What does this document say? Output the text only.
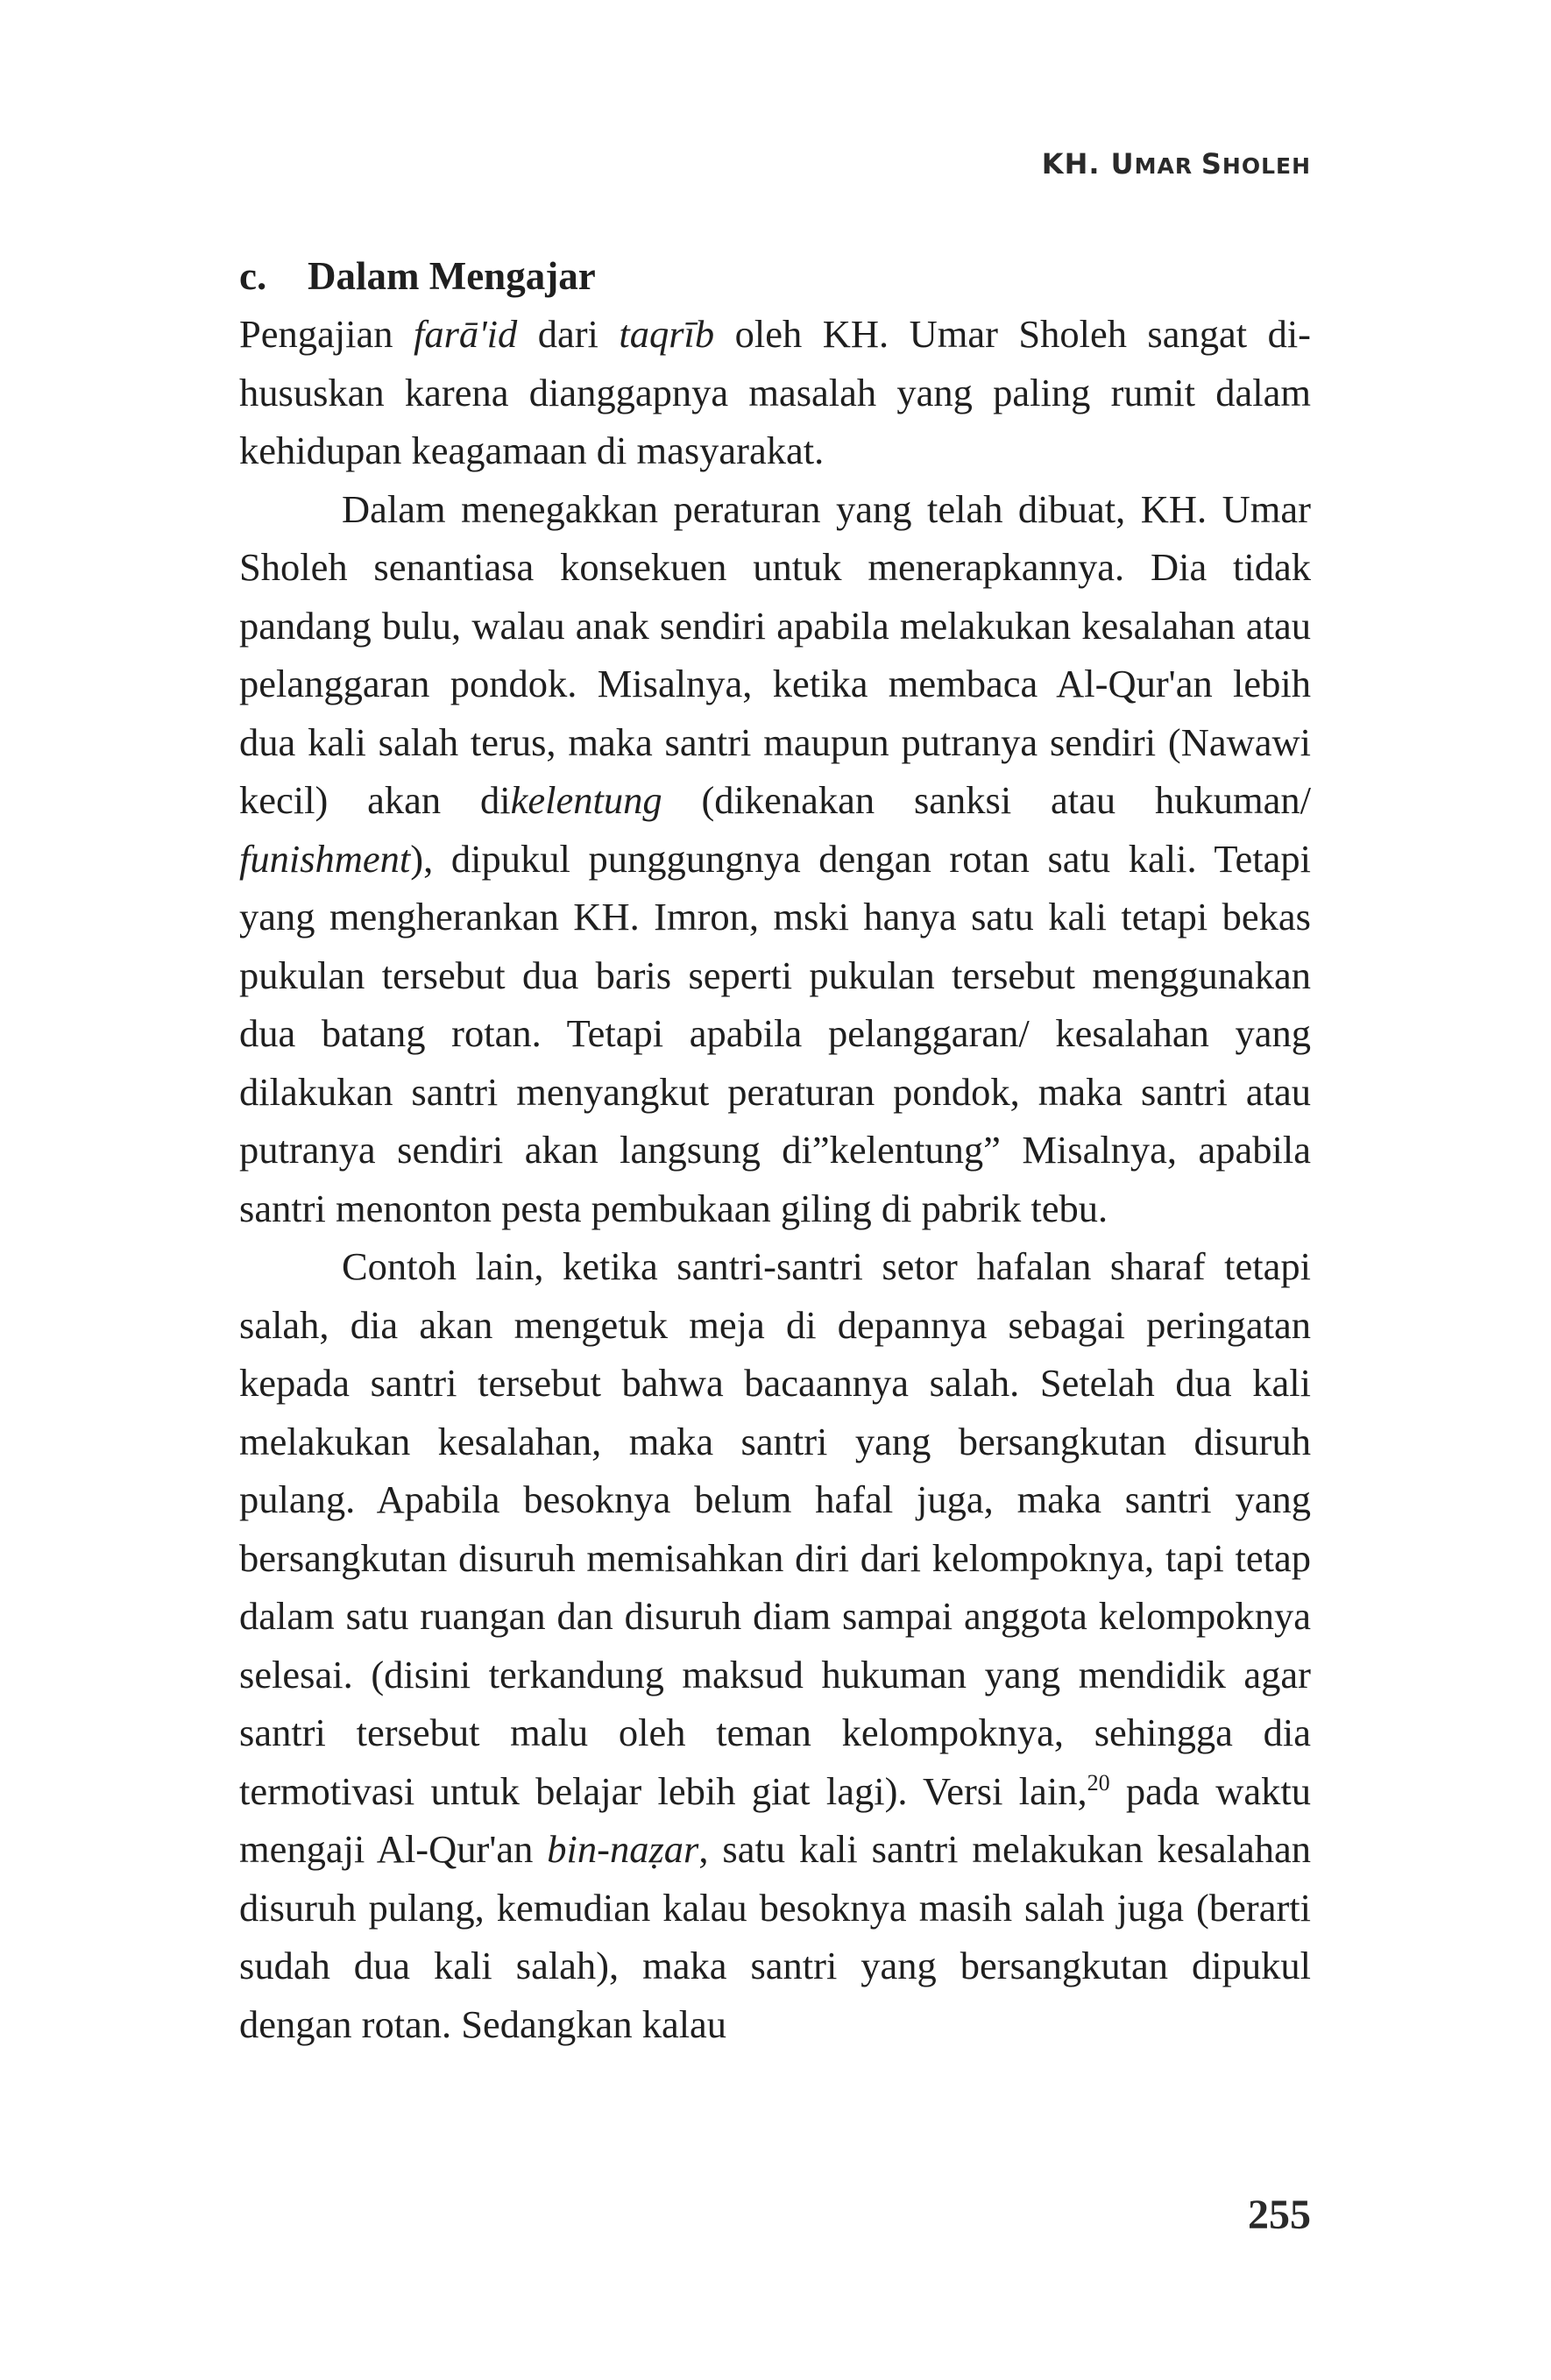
KH. UMAR SHOLEH
c.	Dalam Mengajar

Pengajian farā'id dari taqrīb oleh KH. Umar Sholeh sangat di-hususkan karena dianggapnya masalah yang paling rumit dalam kehidupan keagamaan di masyarakat.

Dalam menegakkan peraturan yang telah dibuat, KH. Umar Sholeh senantiasa konsekuen untuk menerapkannya. Dia tidak pandang bulu, walau anak sendiri apabila melakukan kesalahan atau pelanggaran pondok. Misalnya, ketika membaca Al-Qur'an lebih dua kali salah terus, maka santri maupun putranya sendiri (Nawawi kecil) akan dikelentung (dikenakan sanksi atau hukuman/ funishment), dipukul punggungnya dengan rotan satu kali. Tetapi yang mengherankan KH. Imron, mski hanya satu kali tetapi bekas pukulan tersebut dua baris seperti pukulan tersebut menggunakan dua batang rotan. Tetapi apabila pelanggaran/ kesalahan yang dilakukan santri menyangkut peraturan pondok, maka santri atau putranya sendiri akan langsung di”kelentung” Misalnya, apabila santri menonton pesta pembukaan giling di pabrik tebu.

Contoh lain, ketika santri-santri setor hafalan sharaf tetapi salah, dia akan mengetuk meja di depannya sebagai peringatan kepada santri tersebut bahwa bacaannya salah. Setelah dua kali melakukan kesalahan, maka santri yang bersangkutan disuruh pulang. Apabila besoknya belum hafal juga, maka santri yang bersangkutan disuruh memisahkan diri dari kelompoknya, tapi tetap dalam satu ruangan dan disuruh diam sampai anggota kelompoknya selesai. (disini terkandung maksud hukuman yang mendidik agar santri tersebut malu oleh teman kelompoknya, sehingga dia termotivasi untuk belajar lebih giat lagi). Versi lain,$^{20}$ pada waktu mengaji Al-Qur'an bin-naẓar, satu kali santri melakukan kesalahan disuruh pulang, kemudian kalau besoknya masih salah juga (berarti sudah dua kali salah), maka santri yang bersangkutan dipukul dengan rotan. Sedangkan kalau

255
